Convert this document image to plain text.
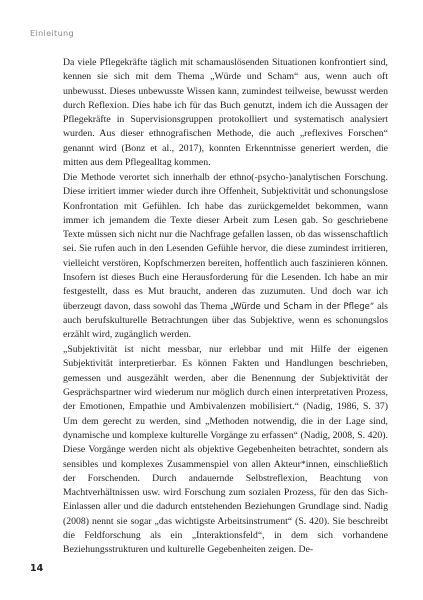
Einleitung

Da viele Pflegekräfte täglich mit schamauslösenden Situationen konfrontiert sind, kennen sie sich mit dem Thema „Würde und Scham“ aus, wenn auch oft unbewusst. Dieses unbewusste Wissen kann, zumindest teilweise, bewusst werden durch Reflexion. Dies habe ich für das Buch genutzt, indem ich die Aussagen der Pflegekräfte in Supervisionsgruppen protokolliert und systematisch analysiert wurden. Aus dieser ethnografischen Methode, die auch „reflexives Forschen“ genannt wird (Bonz et al., 2017), konnten Erkenntnisse generiert werden, die mitten aus dem Pflegealltag kommen.

Die Methode verortet sich innerhalb der ethno(-psycho-)analytischen Forschung. Diese irritiert immer wieder durch ihre Offenheit, Subjektivität und schonungslose Konfrontation mit Gefühlen. Ich habe das zurückgemeldet bekommen, wann immer ich jemandem die Texte dieser Arbeit zum Lesen gab. So geschriebene Texte müssen sich nicht nur die Nachfrage gefallen lassen, ob das wissenschaftlich sei. Sie rufen auch in den Lesenden Gefühle hervor, die diese zumindest irritieren, vielleicht verstören, Kopfschmerzen bereiten, hoffentlich auch faszinieren können. Insofern ist dieses Buch eine Herausforderung für die Lesenden. Ich habe an mir festgestellt, dass es Mut braucht, anderen das zuzumuten. Und doch war ich überzeugt davon, dass sowohl das Thema „Würde und Scham in der Pflege“ als auch berufskulturelle Betrachtungen über das Subjektive, wenn es schonungslos erzählt wird, zugänglich werden.

„Subjektivität ist nicht messbar, nur erlebbar und mit Hilfe der eigenen Subjektivität interpretierbar. Es können Fakten und Handlungen beschrieben, gemessen und ausgezählt werden, aber die Benennung der Subjektivität der Gesprächspartner wird wiederum nur möglich durch einen interpretativen Prozess, der Emotionen, Empathie und Ambivalenzen mobilisiert.“ (Nadig, 1986, S. 37) Um dem gerecht zu werden, sind „Methoden notwendig, die in der Lage sind, dynamische und komplexe kulturelle Vorgänge zu erfassen“ (Nadig, 2008, S. 420). Diese Vorgänge werden nicht als objektive Gegebenheiten betrachtet, sondern als sensibles und komplexes Zusammenspiel von allen Akteur*innen, einschließlich der Forschenden. Durch andauernde Selbstreflexion, Beachtung von Machtverhältnissen usw. wird Forschung zum sozialen Prozess, für den das Sich-Einlassen aller und die dadurch entstehenden Beziehungen Grundlage sind. Nadig (2008) nennt sie sogar „das wichtigste Arbeitsinstrument“ (S. 420). Sie beschreibt die Feldforschung als ein „Interaktionsfeld“, in dem sich vorhandene Beziehungsstrukturen und kulturelle Gegebenheiten zeigen. De-

14
